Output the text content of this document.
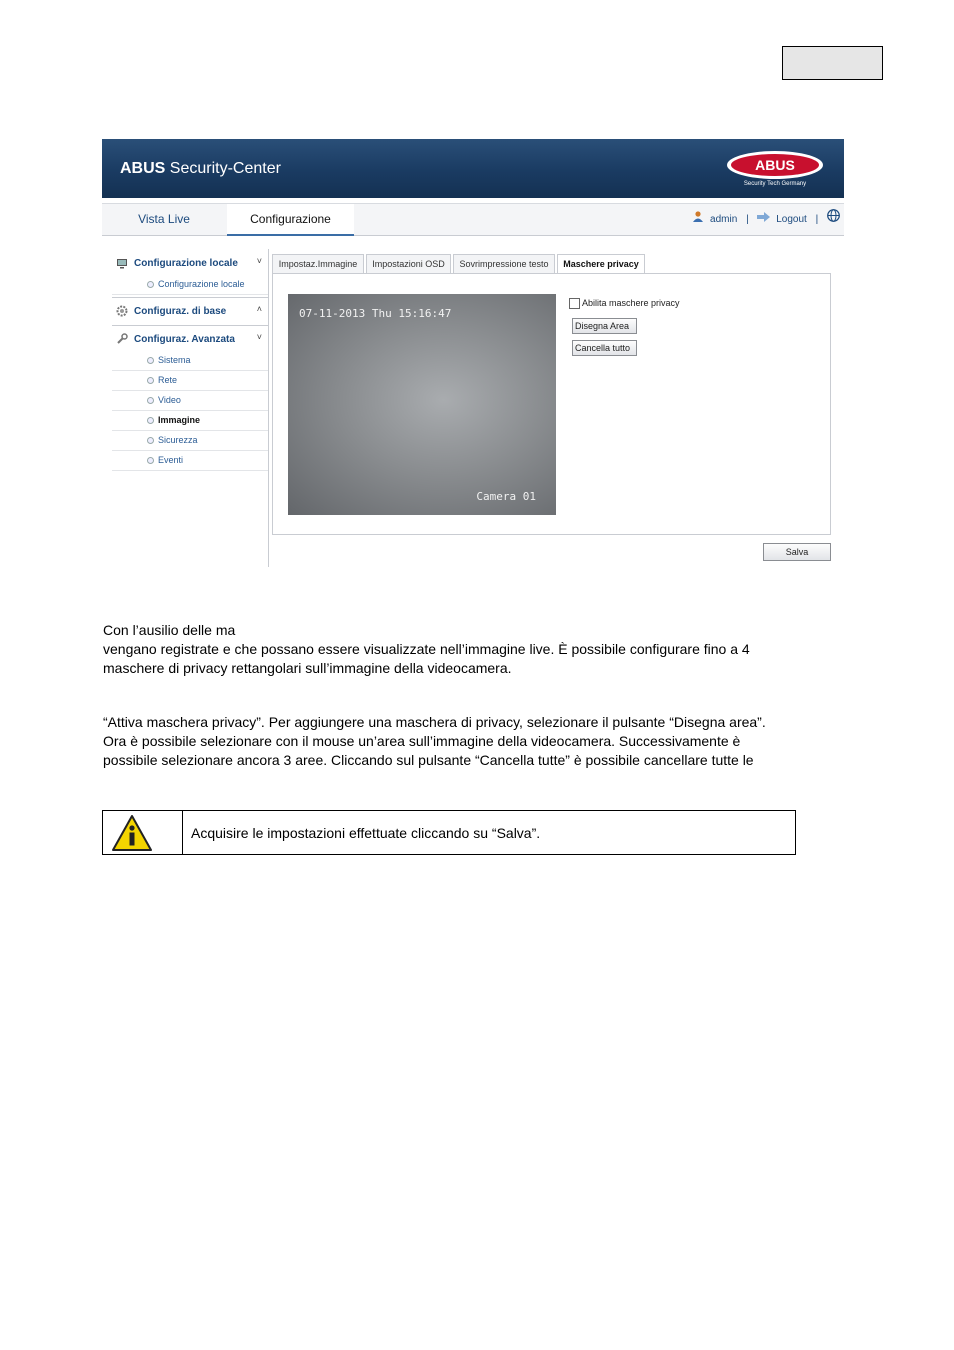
ABUS Security-Center	ABUS
Security Tech Germany
Vista Live	Configurazione	admin |	Logout |
Configurazione locale ˅
Configurazione locale
Configuraz. di base	˄
Configuraz. Avanzata ˅
Sistema
Rete
Video
Immagine
Sicurezza
Eventi
Impostaz.Immagine	Impostazioni OSD	Sovrimpressione testo	Maschere privacy
07-11-2013 Thu 15:16:47
Camera 01
Abilita maschere privacy
Disegna Area
Cancella tutto
Salva
Con l’ausilio delle ma
vengano registrate e che possano essere visualizzate nell’immagine live. È possibile configurare fino a 4
maschere di privacy rettangolari sull’immagine della videocamera.
“Attiva maschera privacy”. Per aggiungere una maschera di privacy, selezionare il pulsante “Disegna area”.
Ora è possibile selezionare con il mouse un’area sull’immagine della videocamera. Successivamente è
possibile selezionare ancora 3 aree. Cliccando sul pulsante “Cancella tutte” è possibile cancellare tutte le
Acquisire le impostazioni effettuate cliccando su “Salva”.
